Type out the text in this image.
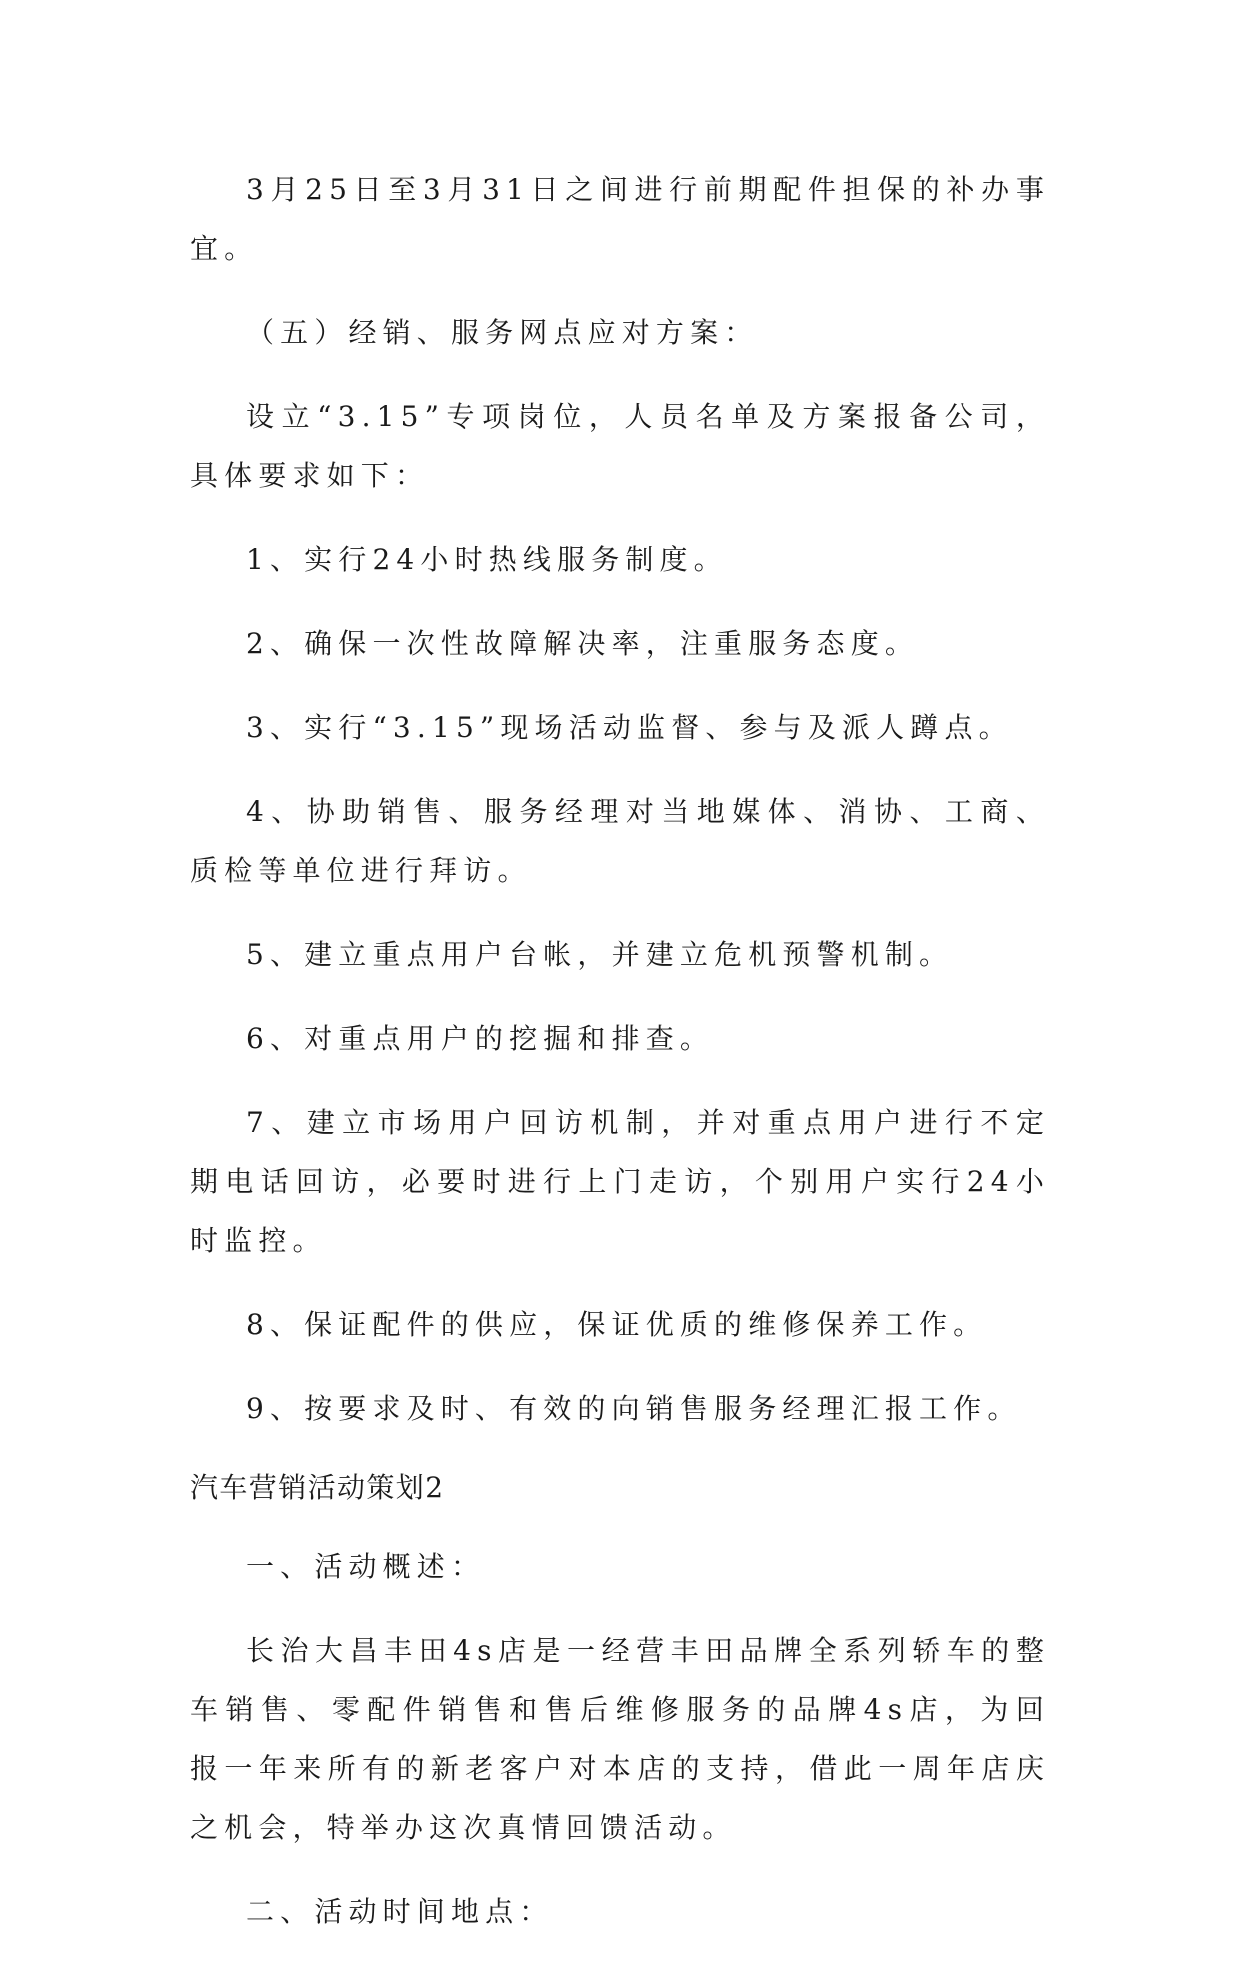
3月25日至3月31日之间进行前期配件担保的补办事宜。

（五）经销、服务网点应对方案：

设立“3.15”专项岗位，人员名单及方案报备公司，具体要求如下：

1、实行24小时热线服务制度。

2、确保一次性故障解决率，注重服务态度。

3、实行“3.15”现场活动监督、参与及派人蹲点。

4、协助销售、服务经理对当地媒体、消协、工商、质检等单位进行拜访。

5、建立重点用户台帐，并建立危机预警机制。

6、对重点用户的挖掘和排查。

7、建立市场用户回访机制，并对重点用户进行不定期电话回访，必要时进行上门走访，个别用户实行24小时监控。

8、保证配件的供应，保证优质的维修保养工作。

9、按要求及时、有效的向销售服务经理汇报工作。

汽车营销活动策划2

一、活动概述：

长治大昌丰田4s店是一经营丰田品牌全系列轿车的整车销售、零配件销售和售后维修服务的品牌4s店，为回报一年来所有的新老客户对本店的支持，借此一周年店庆之机会，特举办这次真情回馈活动。

二、活动时间地点：
